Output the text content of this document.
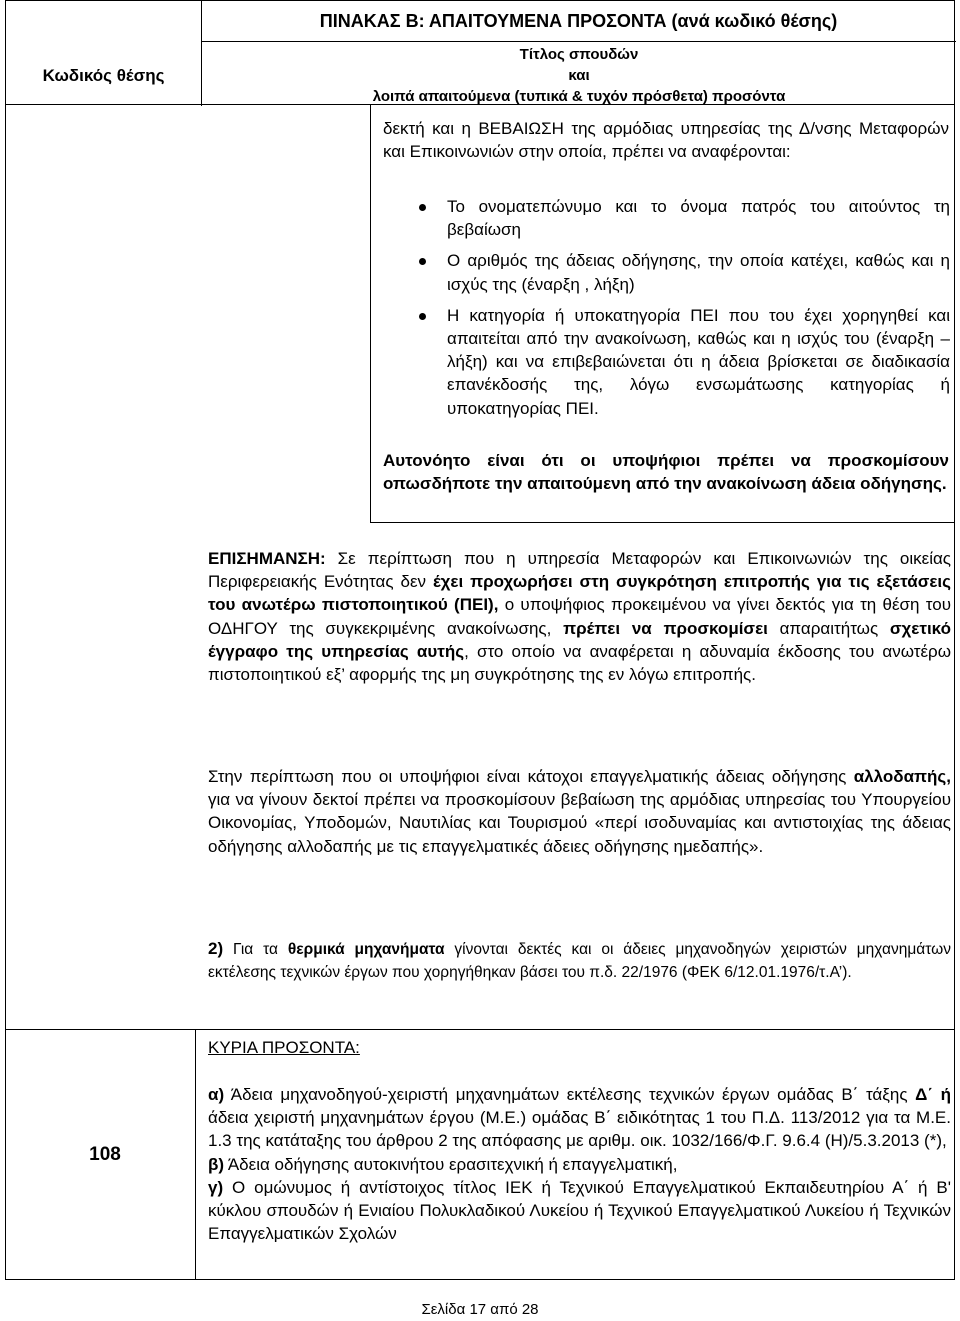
Κωδικός θέσης
ΠΙΝΑΚΑΣ Β: ΑΠΑΙΤΟΥΜΕΝΑ ΠΡΟΣΟΝΤΑ (ανά κωδικό θέσης)
Τίτλος σπουδών
και
λοιπά απαιτούμενα (τυπικά & τυχόν πρόσθετα) προσόντα
δεκτή και η ΒΕΒΑΙΩΣΗ της αρμόδιας υπηρεσίας της Δ/νσης Μεταφορών και Επικοινωνιών στην οποία, πρέπει να αναφέρονται:
Το ονοματεπώνυμο και το όνομα πατρός του αιτούντος τη βεβαίωση
Ο αριθμός της άδειας οδήγησης, την οποία κατέχει, καθώς και η ισχύς της (έναρξη , λήξη)
Η κατηγορία ή υποκατηγορία ΠΕΙ που του έχει χορηγηθεί και απαιτείται από την ανακοίνωση, καθώς και η ισχύς του (έναρξη –λήξη) και να επιβεβαιώνεται ότι η άδεια βρίσκεται σε διαδικασία επανέκδοσής της, λόγω ενσωμάτωσης κατηγορίας ή υποκατηγορίας ΠΕΙ.
Αυτονόητο είναι ότι οι υποψήφιοι πρέπει να προσκομίσουν οπωσδήποτε την απαιτούμενη από την ανακοίνωση άδεια οδήγησης.
ΕΠΙΣΗΜΑΝΣΗ: Σε περίπτωση που η υπηρεσία Μεταφορών και Επικοινωνιών της οικείας Περιφερειακής Ενότητας δεν έχει προχωρήσει στη συγκρότηση επιτροπής για τις εξετάσεις του ανωτέρω πιστοποιητικού (ΠΕΙ), ο υποψήφιος προκειμένου να γίνει δεκτός για τη θέση του ΟΔΗΓΟΥ της συγκεκριμένης ανακοίνωσης, πρέπει να προσκομίσει απαραιτήτως σχετικό έγγραφο της υπηρεσίας αυτής, στο οποίο να αναφέρεται η αδυναμία έκδοσης του ανωτέρω πιστοποιητικού εξ’ αφορμής της μη συγκρότησης της εν λόγω επιτροπής.
Στην περίπτωση που οι υποψήφιοι είναι κάτοχοι επαγγελματικής άδειας οδήγησης αλλοδαπής, για να γίνουν δεκτοί πρέπει να προσκομίσουν βεβαίωση της αρμόδιας υπηρεσίας του Υπουργείου Οικονομίας, Υποδομών, Ναυτιλίας και Τουρισμού «περί ισοδυναμίας και αντιστοιχίας της άδειας οδήγησης αλλοδαπής με τις επαγγελματικές άδειες οδήγησης ημεδαπής».
2) Για τα θερμικά μηχανήματα γίνονται δεκτές και οι άδειες μηχανοδηγών χειριστών μηχανημάτων εκτέλεσης τεχνικών έργων που χορηγήθηκαν βάσει του π.δ. 22/1976 (ΦΕΚ 6/12.01.1976/τ.Α’).
108
ΚΥΡΙΑ ΠΡΟΣΟΝΤΑ:
α) Άδεια μηχανοδηγού-χειριστή μηχανημάτων εκτέλεσης τεχνικών έργων ομάδας Β΄ τάξης Δ΄ ή άδεια χειριστή μηχανημάτων έργου (Μ.Ε.) ομάδας Β΄ ειδικότητας 1 του Π.Δ. 113/2012 για τα Μ.Ε. 1.3 της κατάταξης του άρθρου 2 της απόφασης με αριθμ. οικ. 1032/166/Φ.Γ. 9.6.4 (Η)/5.3.2013 (*),
β) Άδεια οδήγησης αυτοκινήτου ερασιτεχνική ή επαγγελματική,
γ) Ο ομώνυμος ή αντίστοιχος τίτλος ΙΕΚ ή Τεχνικού Επαγγελματικού Εκπαιδευτηρίου Α΄ ή Β' κύκλου σπουδών ή Ενιαίου Πολυκλαδικού Λυκείου ή Τεχνικού Επαγγελματικού Λυκείου ή Τεχνικών Επαγγελματικών Σχολών
Σελίδα 17 από 28
